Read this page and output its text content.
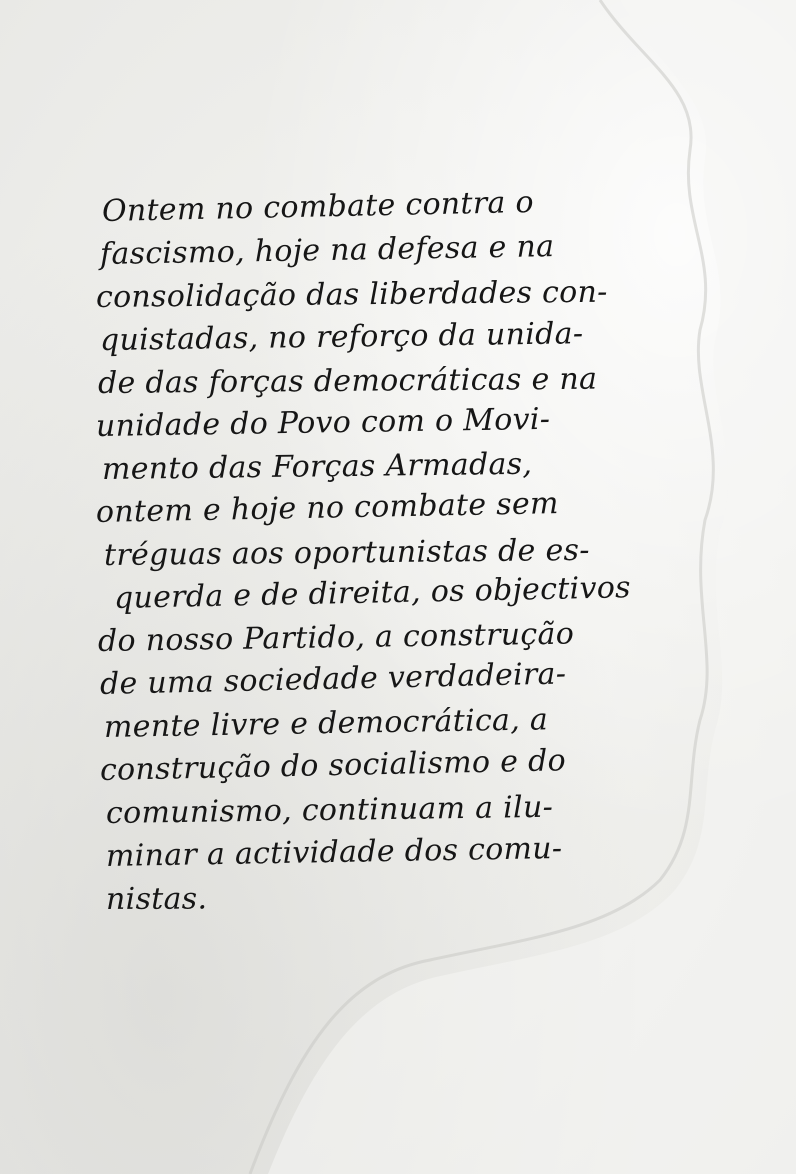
Ontem no combate contra o
fascismo, hoje na defesa e na
consolidação das liberdades con-
quistadas, no reforço da unida-
de das forças democráticas e na
unidade do Povo com o Movi-
mento das Forças Armadas,
ontem e hoje no combate sem
tréguas aos oportunistas de es-
querda e de direita, os objectivos
do nosso Partido, a construção
de uma sociedade verdadeira-
mente livre e democrática, a
construção do socialismo e do
comunismo, continuam a ilu-
minar a actividade dos comu-
nistas.
